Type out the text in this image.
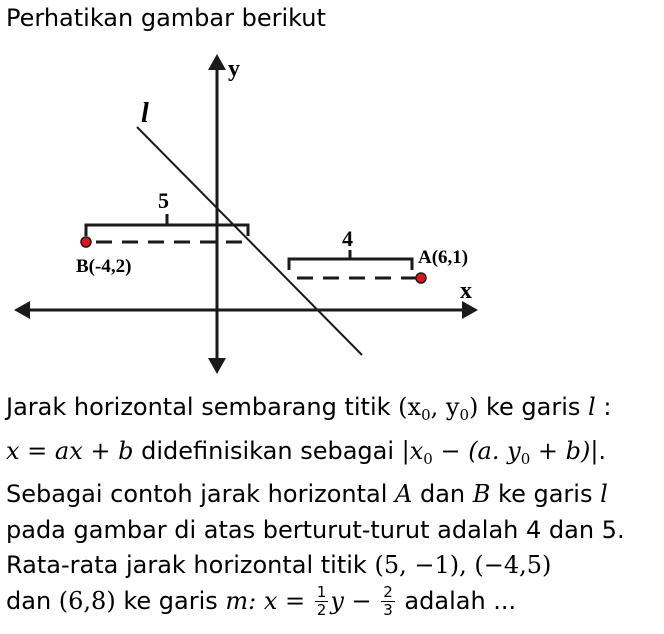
Perhatikan gambar berikut
y
x
l
5
4
B(-4,2)	A(6,1)
Jarak horizontal sembarang titik ($x_0$, $y_0$) ke garis l :
x = ax + b didefinisikan sebagai $|x_0 - (a$. $y_0 + b)|$.
Sebagai contoh jarak horizontal A dan B ke garis l
pada gambar di atas berturut-turut adalah 4 dan 5.
Rata-rata jarak horizontal titik (5, −1), (−4,5)
dan (6,8) ke garis m: $x = \frac{1}{2}$ $y - \frac{2}{3}$ adalah ...
